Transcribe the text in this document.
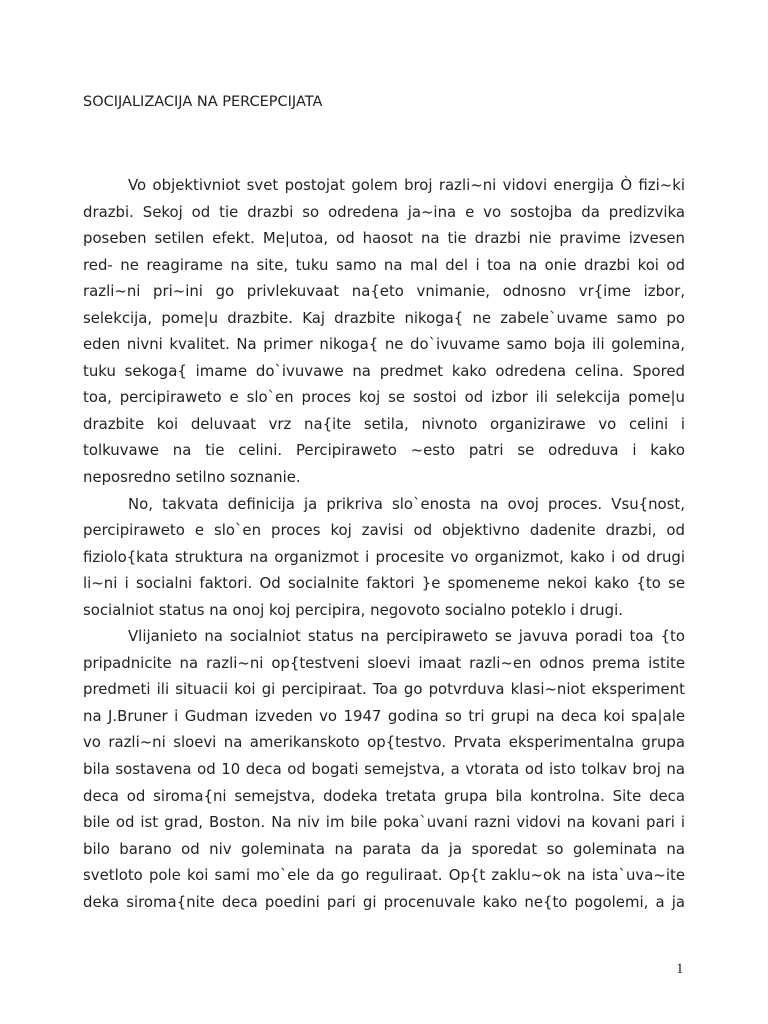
SOCIJALIZACIJA NA PERCEPCIJATA
Vo objektivniot svet postojat golem broj razli~ni vidovi energija Ò fizi~ki
drazbi. Sekoj od tie drazbi so odredena ja~ina e vo sostojba da predizvika
poseben setilen efekt. Me|utoa, od haosot na tie drazbi nie pravime izvesen
red- ne reagirame na site, tuku samo na mal del i toa na onie drazbi koi od
razli~ni pri~ini go privlekuvaat na{eto vnimanie, odnosno vr{ime izbor,
selekcija, pome|u drazbite. Kaj drazbite nikoga{ ne zabele`uvame samo po
eden nivni kvalitet. Na primer nikoga{ ne do`ivuvame samo boja ili golemina,
tuku sekoga{ imame do`ivuvawe na predmet kako odredena celina. Spored
toa, percipiraweto e slo`en proces koj se sostoi od izbor ili selekcija pome|u
drazbite koi deluvaat vrz na{ite setila, nivnoto organizirawe vo celini i
tolkuvawe na tie celini. Percipiraweto ~esto patri se odreduva i kako
neposredno setilno soznanie.
No, takvata definicija ja prikriva slo`enosta na ovoj proces. Vsu{nost,
percipiraweto e slo`en proces koj zavisi od objektivno dadenite drazbi, od
fiziolo{kata struktura na organizmot i procesite vo organizmot, kako i od drugi
li~ni i socialni faktori. Od socialnite faktori }e spomeneme nekoi kako {to se
socialniot status na onoj koj percipira, negovoto socialno poteklo i drugi.
Vlijanieto na socialniot status na percipiraweto se javuva poradi toa {to
pripadnicite na razli~ni op{testveni sloevi imaat razli~en odnos prema istite
predmeti ili situacii koi gi percipiraat. Toa go potvrduva klasi~niot eksperiment
na J.Bruner i Gudman izveden vo 1947 godina so tri grupi na deca koi spa|ale
vo razli~ni sloevi na amerikanskoto op{testvo. Prvata eksperimentalna grupa
bila sostavena od 10 deca od bogati semejstva, a vtorata od isto tolkav broj na
deca od siroma{ni semejstva, dodeka tretata grupa bila kontrolna. Site deca
bile od ist grad, Boston. Na niv im bile poka`uvani razni vidovi na kovani pari i
bilo barano od niv goleminata na parata da ja sporedat so goleminata na
svetloto pole koi sami mo`ele da go reguliraat. Op{t zaklu~ok na ista`uva~ite
deka siroma{nite deca poedini pari gi procenuvale kako ne{to pogolemi, a ja
1
